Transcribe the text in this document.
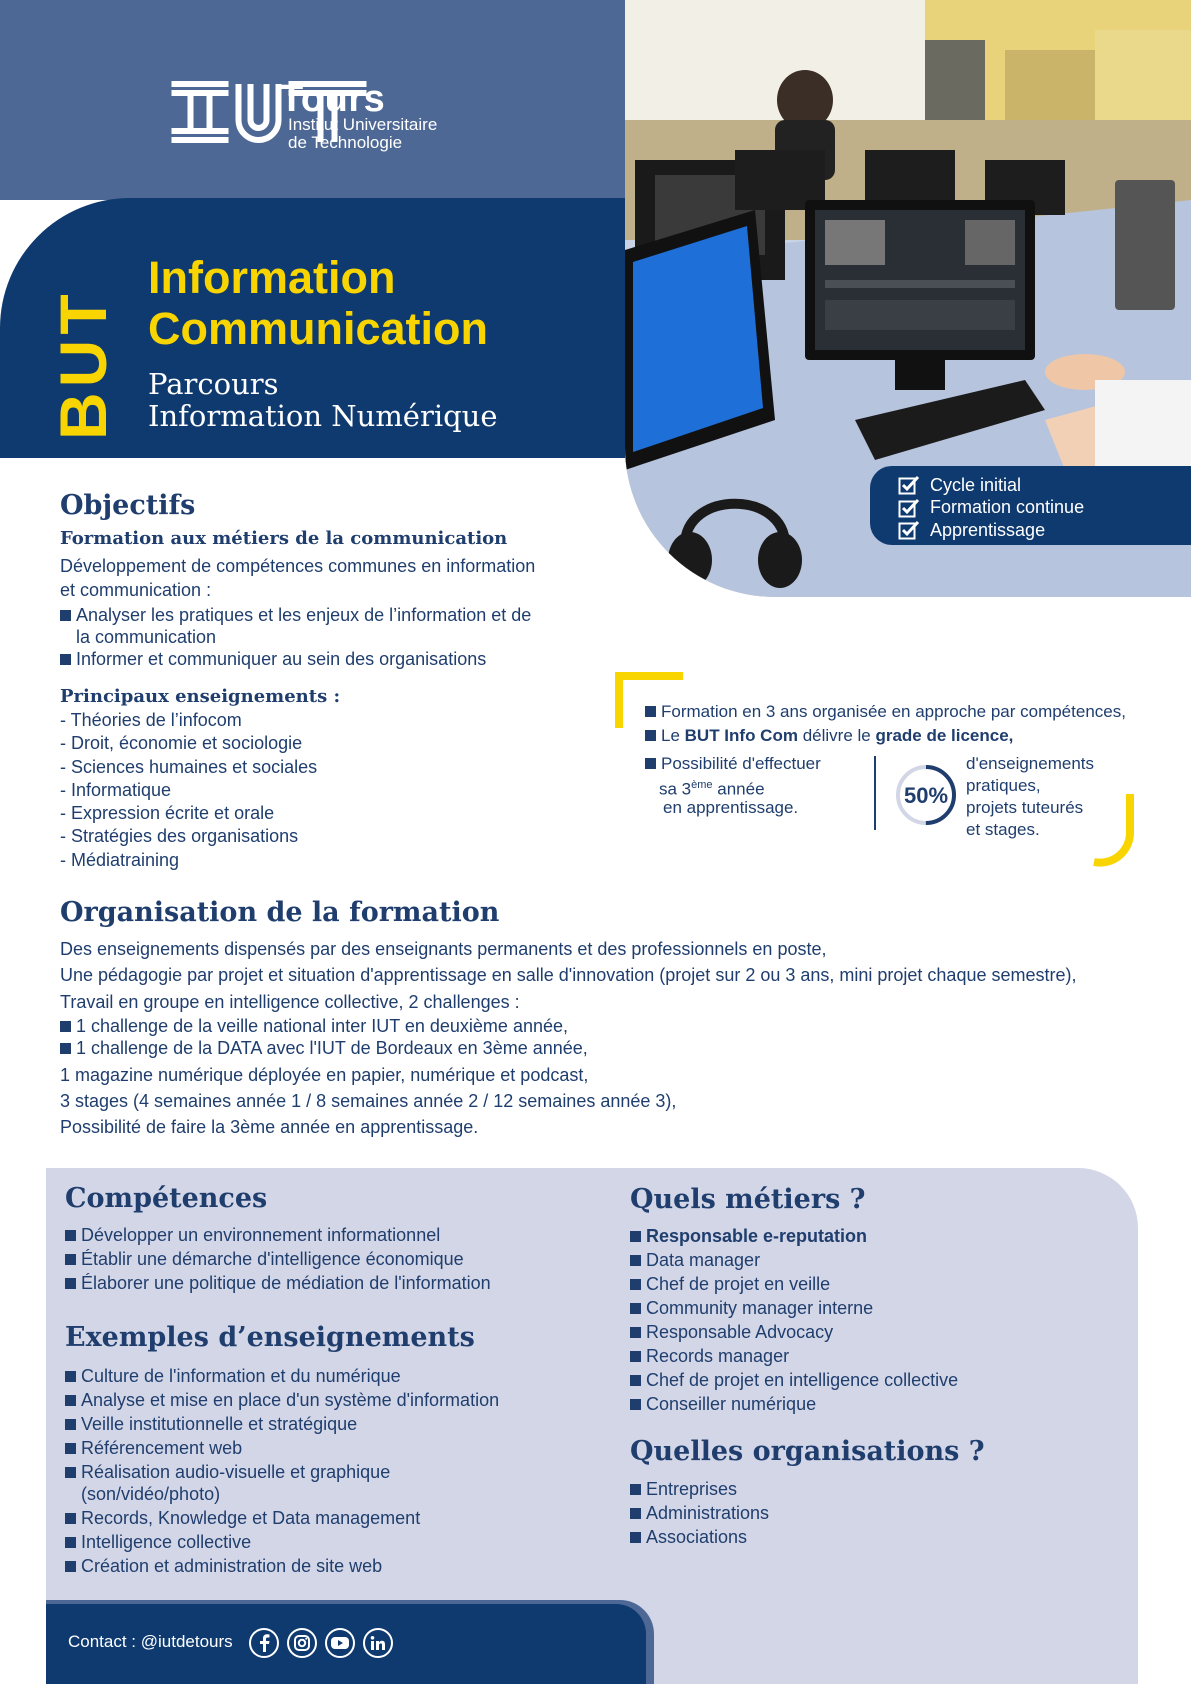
Tours
Institut Universitaire
de Technologie
BUT
Information
Communication
Parcours
Information Numérique
Cycle initial
Formation continue
Apprentissage
Objectifs
Formation aux métiers de la communication
Développement de compétences communes en information
et communication :
Analyser les pratiques et les enjeux de l’information et de
la communication
Informer et communiquer au sein des organisations
Principaux enseignements :
- Théories de l’infocom
- Droit, économie et sociologie
- Sciences humaines et sociales
- Informatique
- Expression écrite et orale
- Stratégies des organisations
- Médiatraining
Formation en 3 ans organisée en approche par compétences,
Le BUT Info Com délivre le grade de licence,
Possibilité d'effectuer
sa 3ème année
en apprentissage.	50%
d'enseignements
pratiques,
projets tuteurés
et stages.
Organisation de la formation
Des enseignements dispensés par des enseignants permanents et des professionnels en poste,
Une pédagogie par projet et situation d'apprentissage en salle d'innovation (projet sur 2 ou 3 ans, mini projet chaque semestre),
Travail en groupe en intelligence collective, 2 challenges :
1 challenge de la veille national inter IUT en deuxième année,
1 challenge de la DATA avec l'IUT de Bordeaux en 3ème année,
1 magazine numérique déployée en papier, numérique et podcast,
3 stages (4 semaines année 1 / 8 semaines année 2 / 12 semaines année 3),
Possibilité de faire la 3ème année en apprentissage.
Compétences
Développer un environnement informationnel
Établir une démarche d'intelligence économique
Élaborer une politique de médiation de l'information
Exemples d’enseignements
Culture de l'information et du numérique
Analyse et mise en place d'un système d'information
Veille institutionnelle et stratégique
Référencement web
Réalisation audio-visuelle et graphique
(son/vidéo/photo)
Records, Knowledge et Data management
Intelligence collective
Création et administration de site web
Quels métiers ?
Responsable e-reputation
Data manager
Chef de projet en veille
Community manager interne
Responsable Advocacy
Records manager
Chef de projet en intelligence collective
Conseiller numérique
Quelles organisations ?
Entreprises
Administrations
Associations
Contact : @iutdetours
